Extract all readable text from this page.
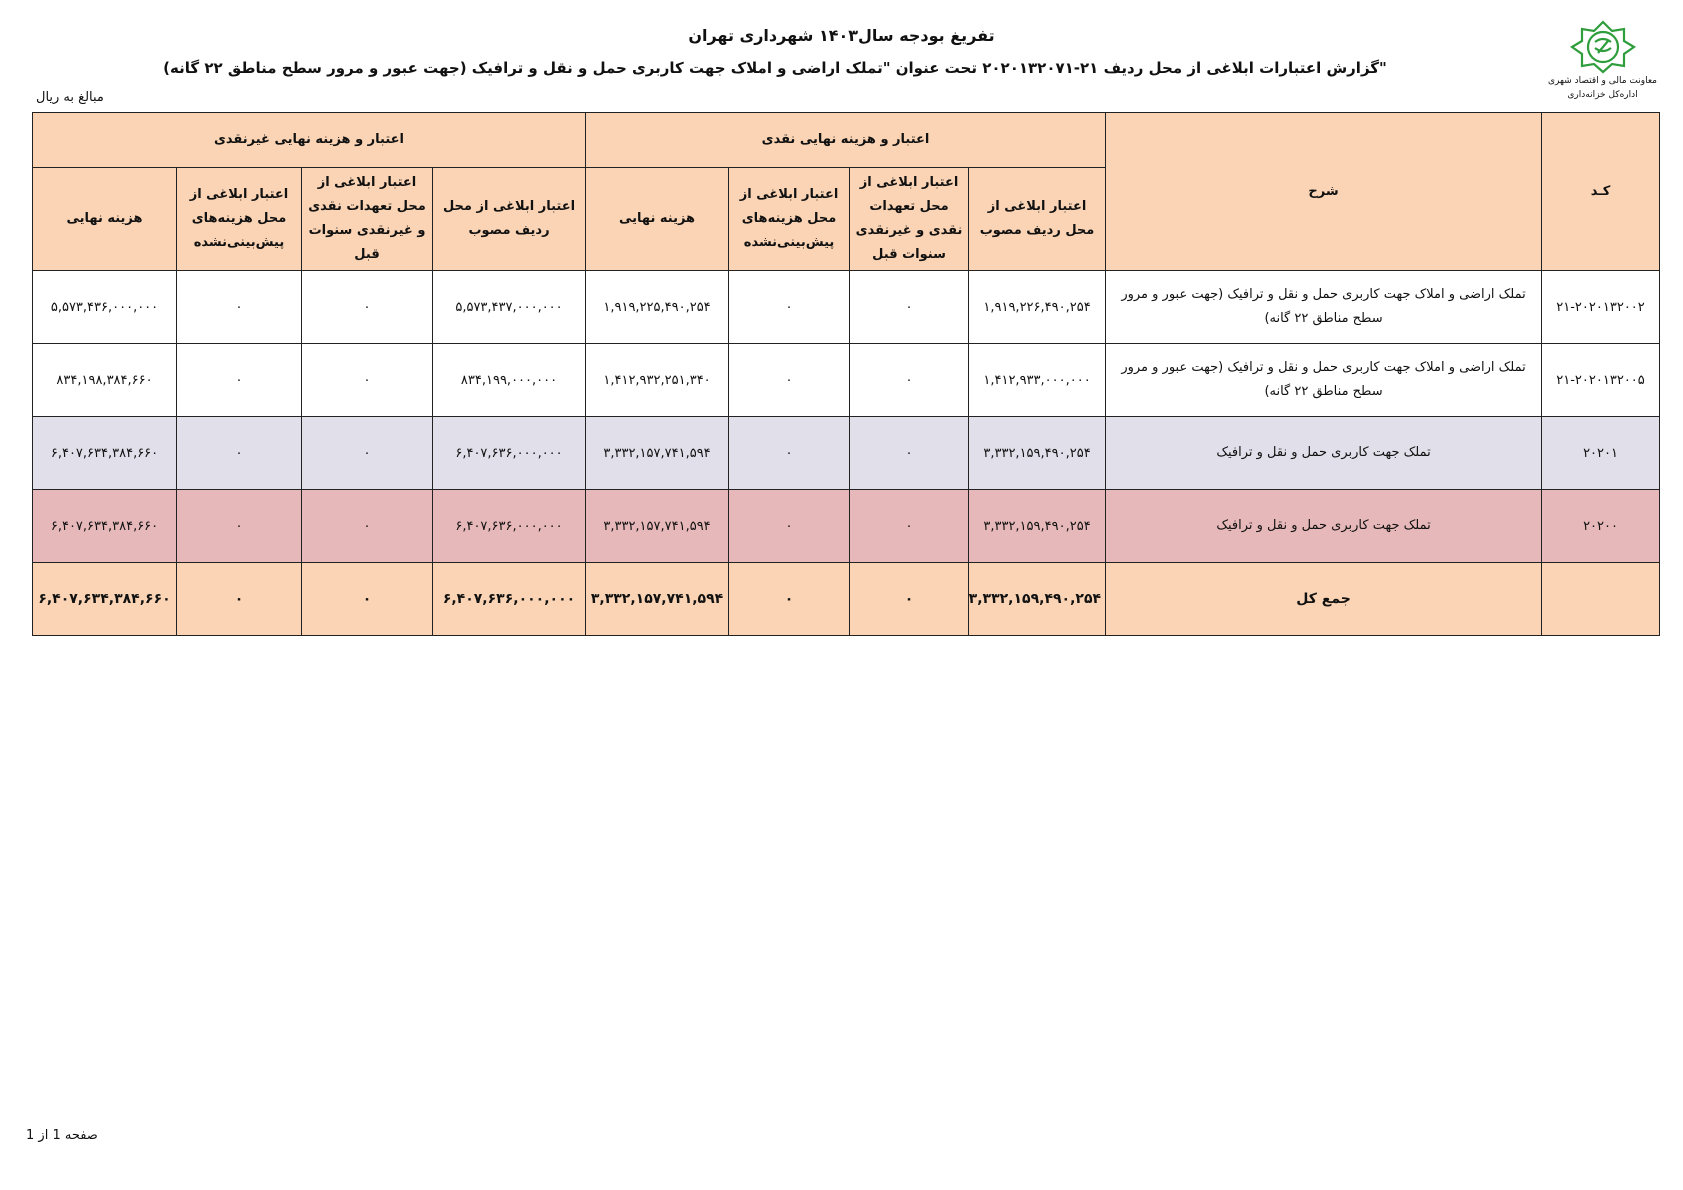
تفریغ بودجه سال۱۴۰۳ شهرداری تهران
گزارش اعتبارات ابلاغی از محل ردیف ۲۱-۲۰۲۰۱۳۲۰۷۱ تحت عنوان "تملک اراضی و املاک جهت کاربری حمل و نقل و ترافیک (جهت عبور و مرور سطح مناطق ۲۲ گانه)"
مبالغ به ریال
معاونت مالی و اقتصاد شهری
اداره‌کل خزانه‌داری
کـد	شرح	اعتبار و هزینه نهایی نقدی				اعتبار و هزینه نهایی غیرنقدی			
		اعتبار ابلاغی از محل ردیف مصوب	اعتبار ابلاغی از محل تعهدات نقدی و غیرنقدی سنوات قبل	اعتبار ابلاغی از محل هزینه‌های پیش‌بینی‌نشده	هزینه نهایی	اعتبار ابلاغی از محل ردیف مصوب	اعتبار ابلاغی از محل تعهدات نقدی و غیرنقدی سنوات قبل	اعتبار ابلاغی از محل هزینه‌های پیش‌بینی‌نشده	هزینه نهایی
۲۱-۲۰۲۰۱۳۲۰۰۲	تملک اراضی و املاک جهت کاربری حمل و نقل و ترافیک (جهت عبور و مرور سطح مناطق ۲۲ گانه)	۱,۹۱۹,۲۲۶,۴۹۰,۲۵۴	۰	۰	۱,۹۱۹,۲۲۵,۴۹۰,۲۵۴	۵,۵۷۳,۴۳۷,۰۰۰,۰۰۰	۰	۰	۵,۵۷۳,۴۳۶,۰۰۰,۰۰۰
۲۱-۲۰۲۰۱۳۲۰۰۵	تملک اراضی و املاک جهت کاربری حمل و نقل و ترافیک (جهت عبور و مرور سطح مناطق ۲۲ گانه)	۱,۴۱۲,۹۳۳,۰۰۰,۰۰۰	۰	۰	۱,۴۱۲,۹۳۲,۲۵۱,۳۴۰	۸۳۴,۱۹۹,۰۰۰,۰۰۰	۰	۰	۸۳۴,۱۹۸,۳۸۴,۶۶۰
۲۰۲۰۱	تملک جهت کاربری حمل و نقل و ترافیک	۳,۳۳۲,۱۵۹,۴۹۰,۲۵۴	۰	۰	۳,۳۳۲,۱۵۷,۷۴۱,۵۹۴	۶,۴۰۷,۶۳۶,۰۰۰,۰۰۰	۰	۰	۶,۴۰۷,۶۳۴,۳۸۴,۶۶۰
۲۰۲۰۰	تملک جهت کاربری حمل و نقل و ترافیک	۳,۳۳۲,۱۵۹,۴۹۰,۲۵۴	۰	۰	۳,۳۳۲,۱۵۷,۷۴۱,۵۹۴	۶,۴۰۷,۶۳۶,۰۰۰,۰۰۰	۰	۰	۶,۴۰۷,۶۳۴,۳۸۴,۶۶۰
	جمع کل	۳,۳۳۲,۱۵۹,۴۹۰,۲۵۴	۰	۰	۳,۳۳۲,۱۵۷,۷۴۱,۵۹۴	۶,۴۰۷,۶۳۶,۰۰۰,۰۰۰	۰	۰	۶,۴۰۷,۶۳۴,۳۸۴,۶۶۰
صفحه 1 از 1
